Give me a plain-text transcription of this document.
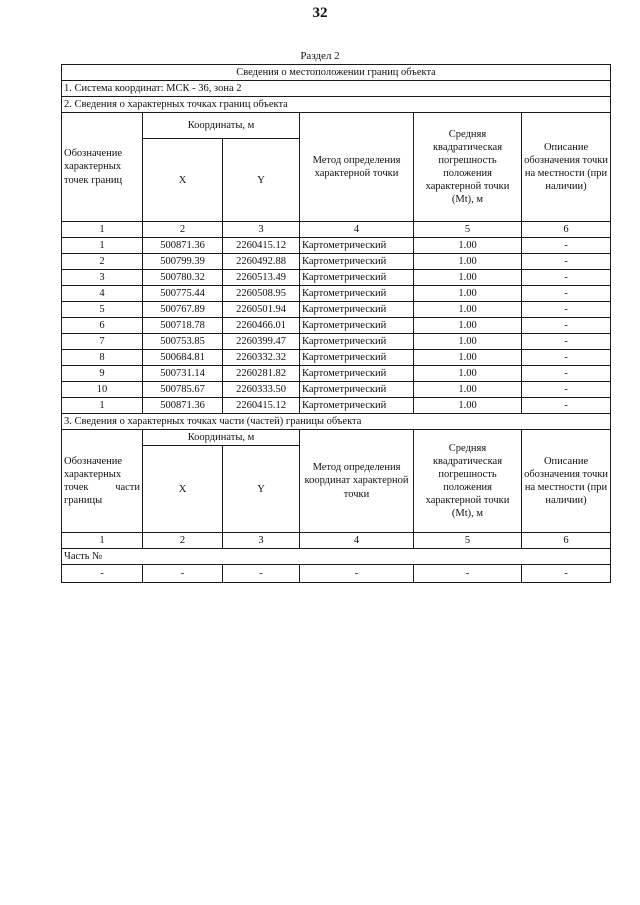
32
Раздел 2
Сведения о местоположении границ объекта					
1. Система координат: МСК - 36, зона 2					
2. Сведения о характерных точках границ объекта					
Обозначение характерных точек границ	Координаты, м		Метод определения характерной точки	Средняя квадратическая погрешность положения характерной точки (Mt), м	Описание обозначения точки на местности (при наличии)
	X	Y			
1	2	3	4	5	6
1	500871.36	2260415.12	Картометрический	1.00	-
2	500799.39	2260492.88	Картометрический	1.00	-
3	500780.32	2260513.49	Картометрический	1.00	-
4	500775.44	2260508.95	Картометрический	1.00	-
5	500767.89	2260501.94	Картометрический	1.00	-
6	500718.78	2260466.01	Картометрический	1.00	-
7	500753.85	2260399.47	Картометрический	1.00	-
8	500684.81	2260332.32	Картометрический	1.00	-
9	500731.14	2260281.82	Картометрический	1.00	-
10	500785.67	2260333.50	Картометрический	1.00	-
1	500871.36	2260415.12	Картометрический	1.00	-
3. Сведения о характерных точках части (частей) границы объекта					
Обозначение характерных точек части границы	Координаты, м		Метод определения координат характерной точки	Средняя квадратическая погрешность положения характерной точки (Mt), м	Описание обозначения точки на местности (при наличии)
	X	Y			
1	2	3	4	5	6
Часть №					
-	-	-	-	-	-
